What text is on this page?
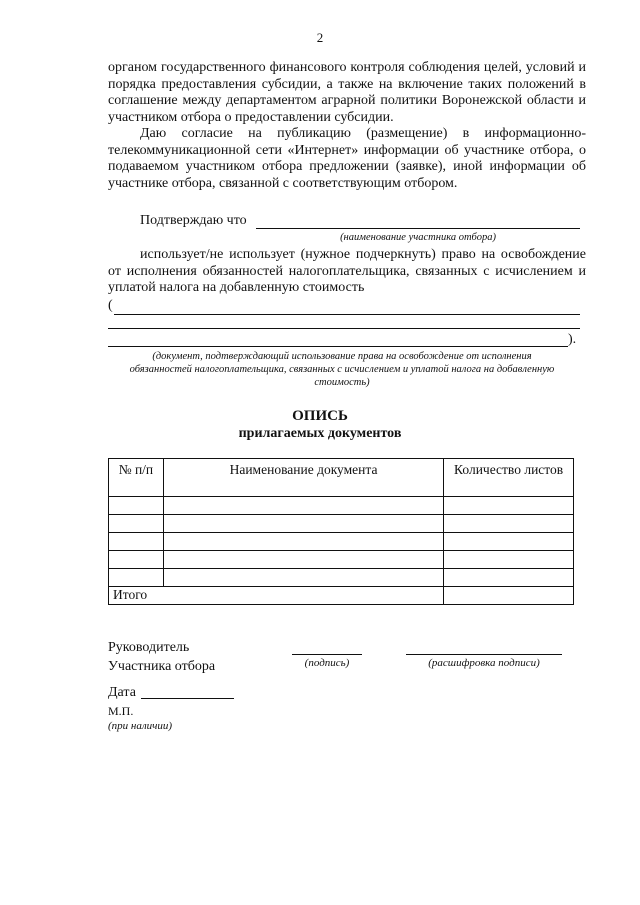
2

органом государственного финансового контроля соблюдения целей, условий и порядка предоставления субсидии, а также на включение таких положений в соглашение между департаментом аграрной политики Воронежской области и участником отбора о предоставлении субсидии.

Даю согласие на публикацию (размещение) в информационно-телекоммуникационной сети «Интернет» информации об участнике отбора, о подаваемом участником отбора предложении (заявке), иной информации об участнике отбора, связанной с соответствующим отбором.

Подтверждаю что
(наименование участника отбора)
использует/не использует (нужное подчеркнуть) право на освобождение от исполнения обязанностей налогоплательщика, связанных с исчислением и уплатой налога на добавленную стоимость
(
).
(документ, подтверждающий использование права на освобождение от исполнения обязанностей налогоплательщика, связанных с исчислением и уплатой налога на добавленную стоимость)
ОПИСЬ
прилагаемых документов
№ п/п	Наименование документа	Количество листов

Итого		
Руководитель
Участника отбора	(подпись)	(расшифровка подписи)
Дата
М.П.
(при наличии)
